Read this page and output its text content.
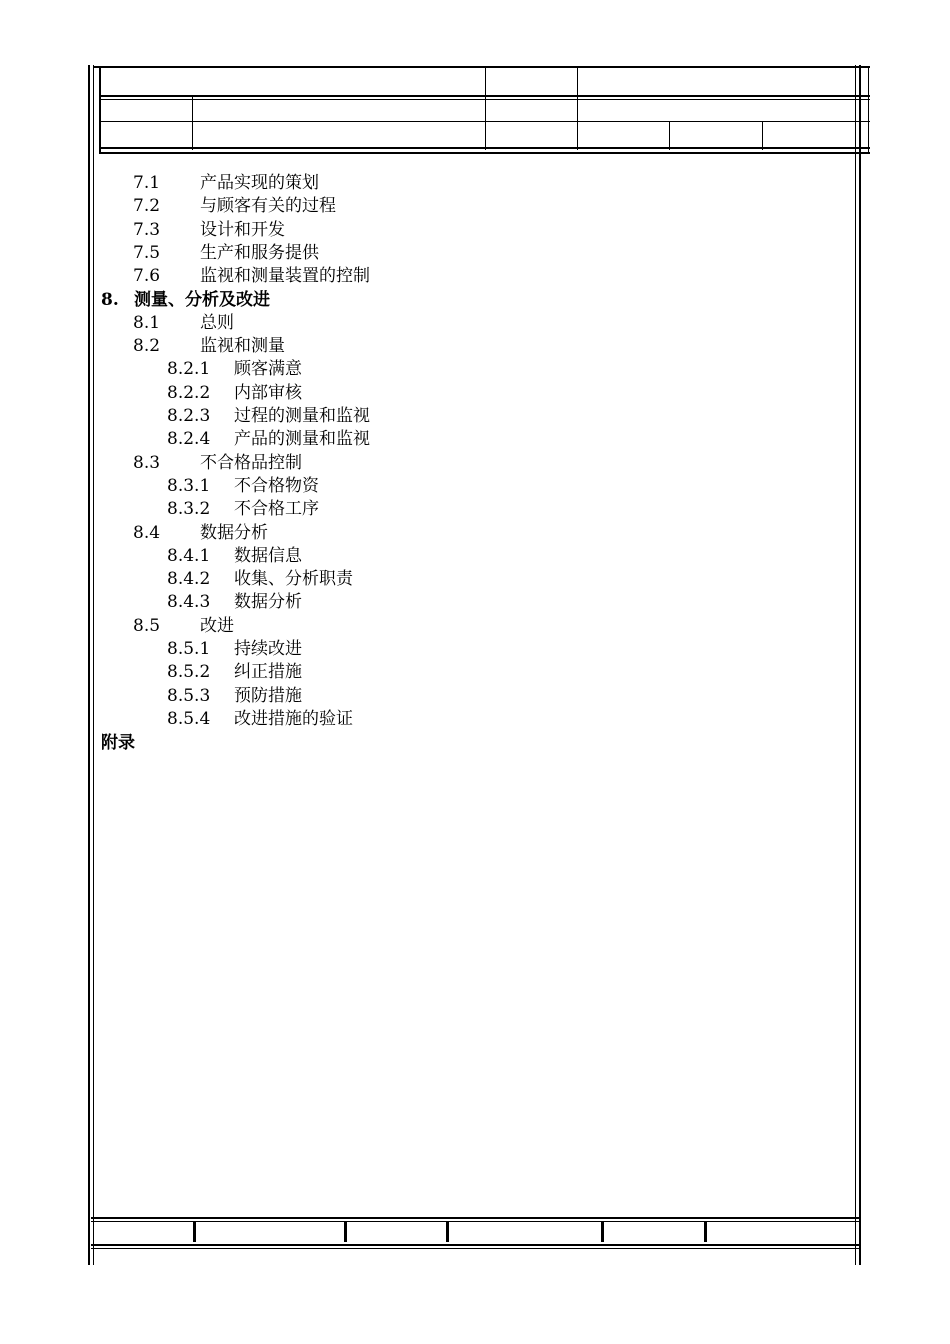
7.1 产品实现的策划
7.2 与顾客有关的过程
7.3 设计和开发
7.5 生产和服务提供
7.6 监视和测量装置的控制
8. 测量、分析及改进
8.1 总则
8.2 监视和测量
8.2.1 顾客满意
8.2.2 内部审核
8.2.3 过程的测量和监视
8.2.4 产品的测量和监视
8.3 不合格品控制
8.3.1 不合格物资
8.3.2 不合格工序
8.4 数据分析
8.4.1 数据信息
8.4.2 收集、分析职责
8.4.3 数据分析
8.5 改进
8.5.1 持续改进
8.5.2 纠正措施
8.5.3 预防措施
8.5.4 改进措施的验证
附录
